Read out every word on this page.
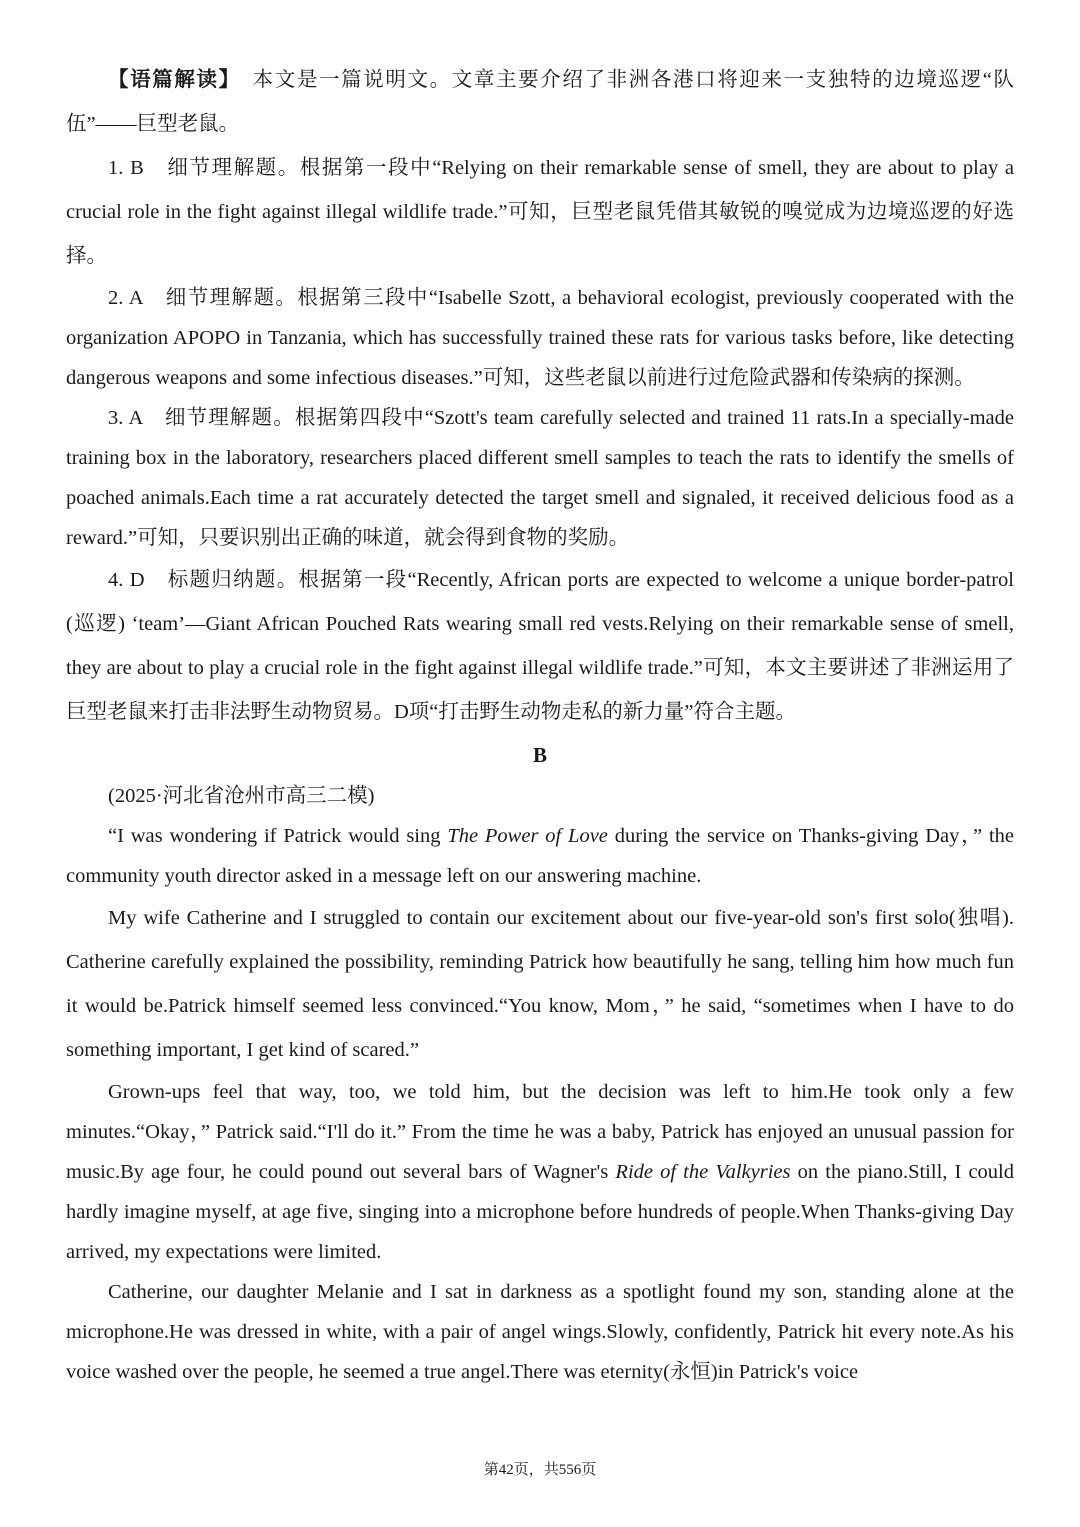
【语篇解读】　 本文是一篇说明文。文章主要介绍了非洲各港口将迎来一支独特的边境巡逻“队伍”——巨型老鼠。

1. B　细节理解题。根据第一段中“Relying on their remarkable sense of smell, they are about to play a crucial role in the fight against illegal wildlife trade.”可知，巨型老鼠凭借其敏锐的嗅觉成为边境巡逻的好选择。

2. A　细节理解题。根据第三段中“Isabelle Szott, a behavioral ecologist, previously cooperated with the organization APOPO in Tanzania, which has successfully trained these rats for various tasks before, like detecting dangerous weapons and some infectious diseases.”可知，这些老鼠以前进行过危险武器和传染病的探测。

3. A　细节理解题。根据第四段中“Szott's team carefully selected and trained 11 rats.In a specially-made training box in the laboratory, researchers placed different smell samples to teach the rats to identify the smells of poached animals.Each time a rat accurately detected the target smell and signaled, it received delicious food as a reward.”可知，只要识别出正确的味道，就会得到食物的奖励。

4. D　标题归纳题。根据第一段“Recently, African ports are expected to welcome a unique border-patrol (巡逻) ‘team’—Giant African Pouched Rats wearing small red vests.Relying on their remarkable sense of smell, they are about to play a crucial role in the fight against illegal wildlife trade.”可知，本文主要讲述了非洲运用了巨型老鼠来打击非法野生动物贸易。D项“打击野生动物走私的新力量”符合主题。

B

(2025·河北省沧州市高三二模)

“I was wondering if Patrick would sing The Power of Love during the service on Thanks-giving Day，” the community youth director asked in a message left on our answering machine.

My wife Catherine and I struggled to contain our excitement about our five-year-old son's first solo(独唱). Catherine carefully explained the possibility, reminding Patrick how beautifully he sang, telling him how much fun it would be.Patrick himself seemed less convinced.“You know, Mom，” he said, “sometimes when I have to do something important, I get kind of scared.”

Grown-ups feel that way, too, we told him, but the decision was left to him.He took only a few minutes.“Okay，” Patrick said.“I'll do it.” From the time he was a baby, Patrick has enjoyed an unusual passion for music.By age four, he could pound out several bars of Wagner's Ride of the Valkyries on the piano.Still, I could hardly imagine myself, at age five, singing into a microphone before hundreds of people.When Thanks-giving Day arrived, my expectations were limited.

Catherine, our daughter Melanie and I sat in darkness as a spotlight found my son, standing alone at the microphone.He was dressed in white, with a pair of angel wings.Slowly, confidently, Patrick hit every note.As his voice washed over the people, he seemed a true angel.There was eternity(永恒)in Patrick's voice

第42页，共556页
